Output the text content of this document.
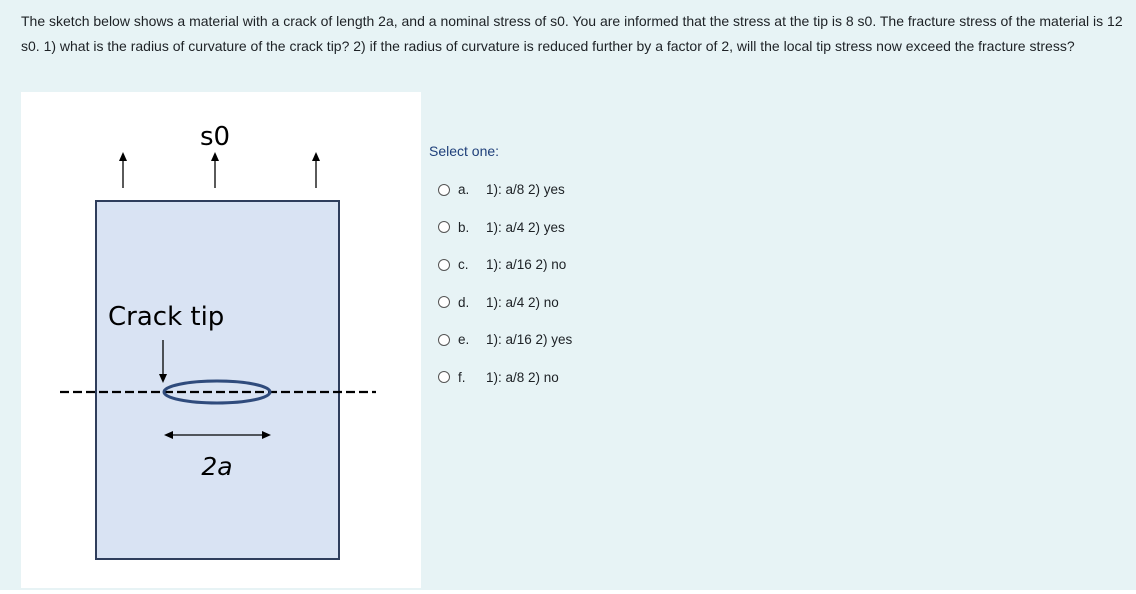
The sketch below shows a material with a crack of length 2a, and a nominal stress of s0. You are informed that the stress at the tip is 8 s0. The fracture stress of the material is 12 s0. 1) what is the radius of curvature of the crack tip? 2) if the radius of curvature is reduced further by a factor of 2, will the local tip stress now exceed the fracture stress?

s0
Crack tip
2a

Select one:

a.	1): a/8 2) yes
b.	1): a/4 2) yes
c.	1): a/16 2) no
d.	1): a/4 2) no
e.	1): a/16 2) yes
f.	1): a/8 2) no
